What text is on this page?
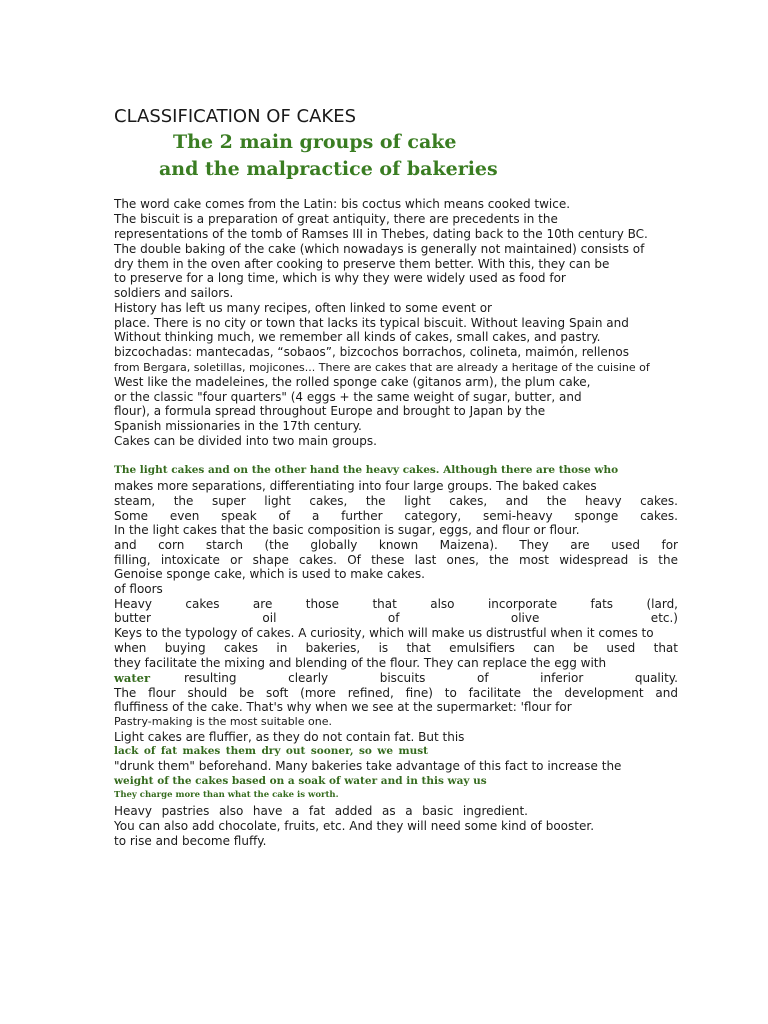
CLASSIFICATION OF CAKES
The 2 main groups of cake
and the malpractice of bakeries
The word cake comes from the Latin: bis coctus which means cooked twice.
The biscuit is a preparation of great antiquity, there are precedents in the
representations of the tomb of Ramses III in Thebes, dating back to the 10th century BC.
The double baking of the cake (which nowadays is generally not maintained) consists of
dry them in the oven after cooking to preserve them better. With this, they can be
to preserve for a long time, which is why they were widely used as food for
soldiers and sailors.
History has left us many recipes, often linked to some event or
place. There is no city or town that lacks its typical biscuit. Without leaving Spain and
Without thinking much, we remember all kinds of cakes, small cakes, and pastry.
bizcochadas: mantecadas, “sobaos”, bizcochos borrachos, colineta, maimón, rellenos
from Bergara, soletillas, mojicones... There are cakes that are already a heritage of the cuisine of
West like the madeleines, the rolled sponge cake (gitanos arm), the plum cake,
or the classic "four quarters" (4 eggs + the same weight of sugar, butter, and
flour), a formula spread throughout Europe and brought to Japan by the
Spanish missionaries in the 17th century.
Cakes can be divided into two main groups.
The light cakes and on the other hand the heavy cakes. Although there are those who
makes more separations, differentiating into four large groups. The baked cakes
steam, the super light cakes, the light cakes, and the heavy cakes.
Some even speak of a further category, semi-heavy sponge cakes.
In the light cakes that the basic composition is sugar, eggs, and flour or flour.
and corn starch (the globally known Maizena). They are used for
filling, intoxicate or shape cakes. Of these last ones, the most widespread is the
Genoise sponge cake, which is used to make cakes.
of floors
Heavy cakes are those that also incorporate fats (lard,
butter oil of olive etc.)
Keys to the typology of cakes. A curiosity, which will make us distrustful when it comes to
when buying cakes in bakeries, is that emulsifiers can be used that
they facilitate the mixing and blending of the flour. They can replace the egg with
water	resulting clearly biscuits of inferior quality.
The flour should be soft (more refined, fine) to facilitate the development and
fluffiness of the cake. That's why when we see at the supermarket: 'flour for
Pastry-making is the most suitable one.
Light cakes are fluffier, as they do not contain fat. But this
lack of fat makes them dry out sooner, so we must
"drunk them" beforehand. Many bakeries take advantage of this fact to increase the
weight of the cakes based on a soak of water and in this way us
They charge more than what the cake is worth.
Heavy pastries also have a fat added as a basic ingredient.
You can also add chocolate, fruits, etc. And they will need some kind of booster.
to rise and become fluffy.
